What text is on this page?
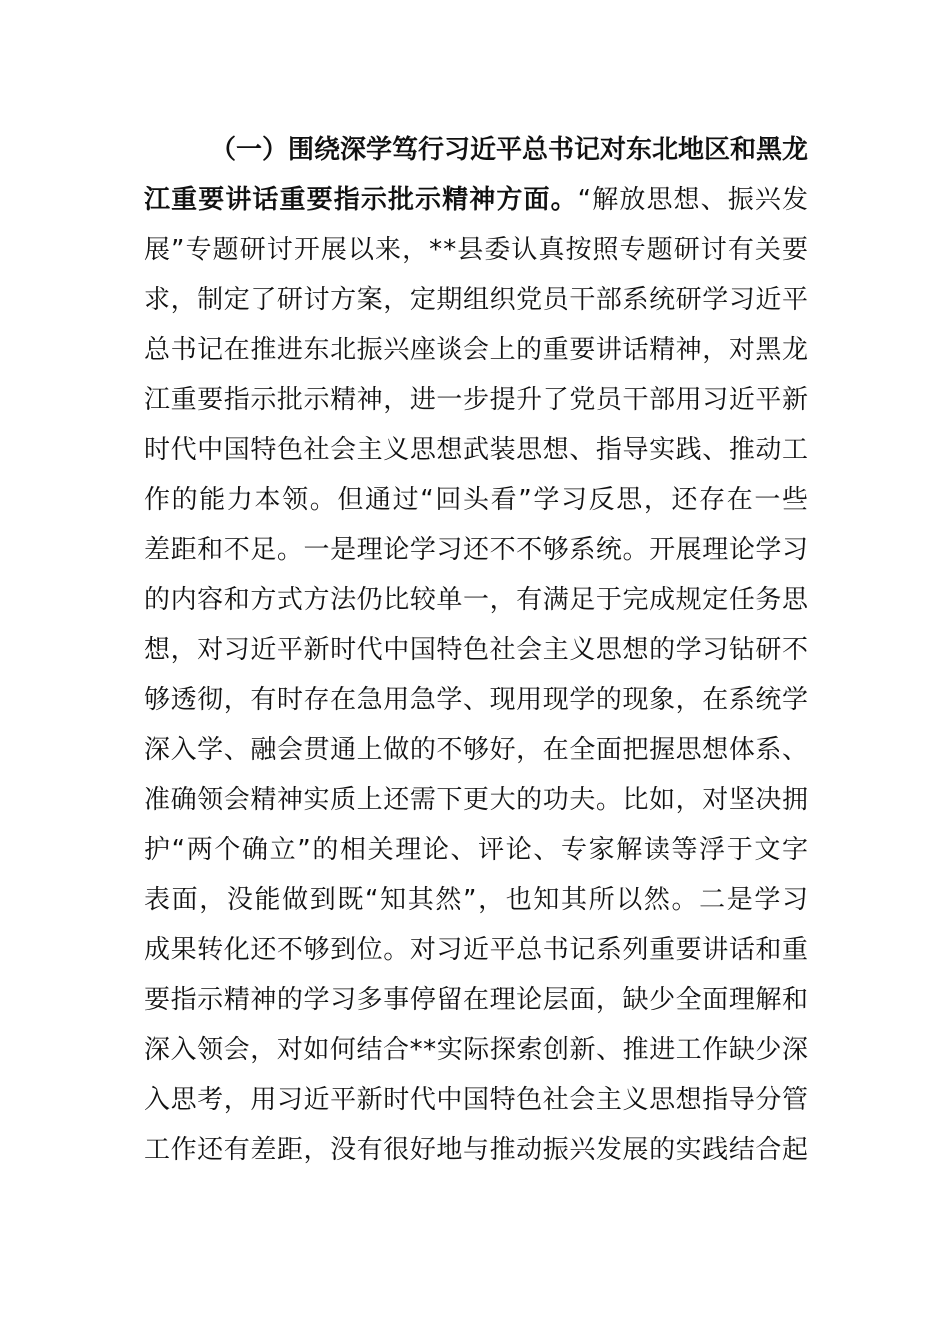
（一）围绕深学笃行习近平总书记对东北地区和黑龙
江重要讲话重要指示批示精神方面。“解放思想、振兴发
展”专题研讨开展以来，**县委认真按照专题研讨有关要
求，制定了研讨方案，定期组织党员干部系统研学习近平
总书记在推进东北振兴座谈会上的重要讲话精神，对黑龙
江重要指示批示精神，进一步提升了党员干部用习近平新
时代中国特色社会主义思想武装思想、指导实践、推动工
作的能力本领。但通过“回头看”学习反思，还存在一些
差距和不足。一是理论学习还不不够系统。开展理论学习
的内容和方式方法仍比较单一，有满足于完成规定任务思
想，对习近平新时代中国特色社会主义思想的学习钻研不
够透彻，有时存在急用急学、现用现学的现象，在系统学
深入学、融会贯通上做的不够好，在全面把握思想体系、
准确领会精神实质上还需下更大的功夫。比如，对坚决拥
护“两个确立”的相关理论、评论、专家解读等浮于文字
表面，没能做到既“知其然”，也知其所以然。二是学习
成果转化还不够到位。对习近平总书记系列重要讲话和重
要指示精神的学习多事停留在理论层面，缺少全面理解和
深入领会，对如何结合**实际探索创新、推进工作缺少深
入思考，用习近平新时代中国特色社会主义思想指导分管
工作还有差距，没有很好地与推动振兴发展的实践结合起
